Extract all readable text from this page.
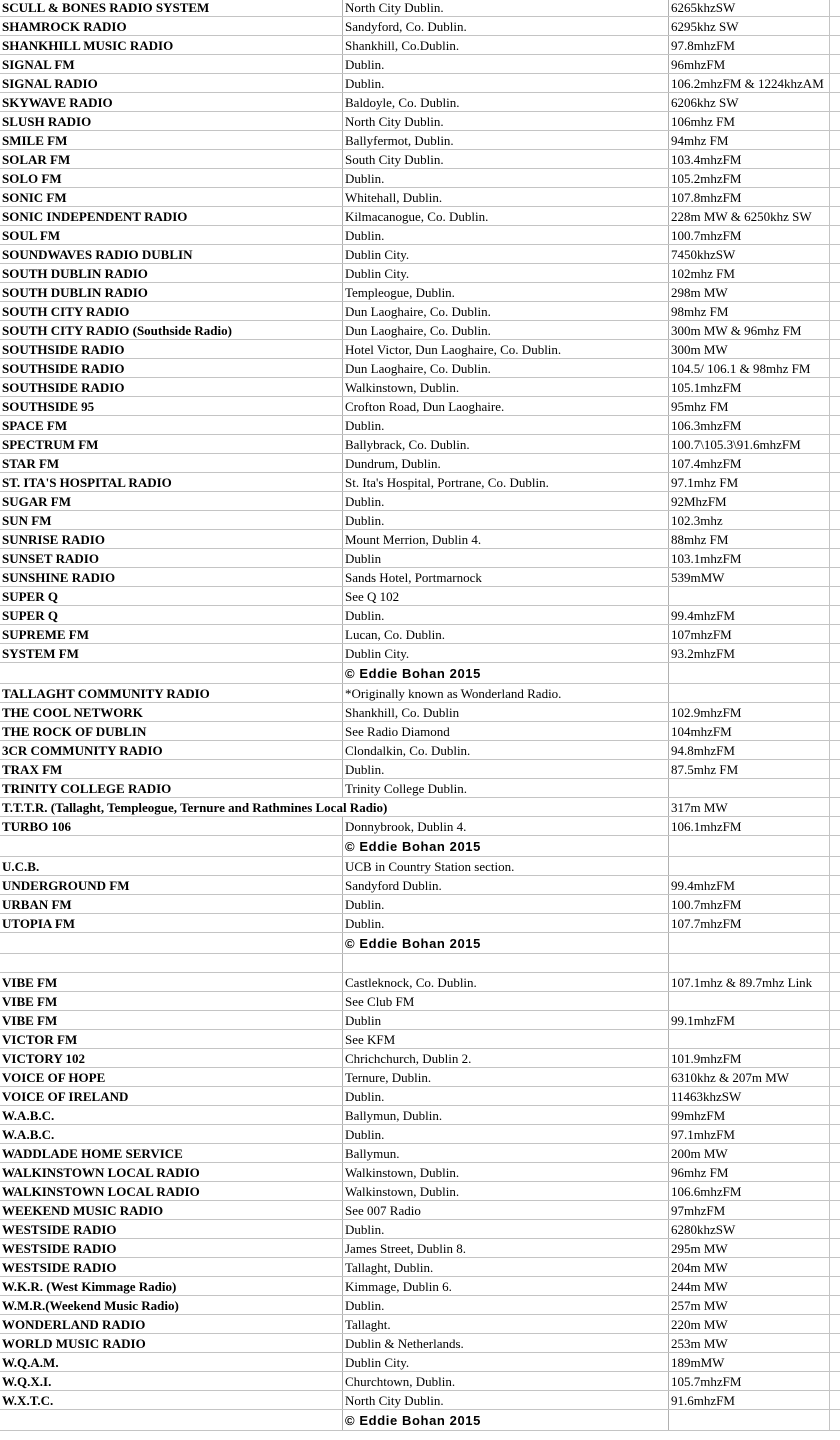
SCULL & BONES RADIO SYSTEM	North City Dublin.	6265khzSW
SHAMROCK RADIO	Sandyford, Co. Dublin.	6295khz SW
SHANKHILL MUSIC RADIO	Shankhill, Co.Dublin.	97.8mhzFM
SIGNAL FM	Dublin.	96mhzFM
SIGNAL RADIO	Dublin.	106.2mhzFM & 1224khzAM
SKYWAVE RADIO	Baldoyle, Co. Dublin.	6206khz SW
SLUSH RADIO	North City Dublin.	106mhz FM
SMILE FM	Ballyfermot, Dublin.	94mhz FM
SOLAR FM	South City Dublin.	103.4mhzFM
SOLO FM	Dublin.	105.2mhzFM
SONIC FM	Whitehall, Dublin.	107.8mhzFM
SONIC INDEPENDENT RADIO	Kilmacanogue, Co. Dublin.	228m MW & 6250khz SW
SOUL FM	Dublin.	100.7mhzFM
SOUNDWAVES RADIO DUBLIN	Dublin City.	7450khzSW
SOUTH DUBLIN RADIO	Dublin City.	102mhz FM
SOUTH DUBLIN RADIO	Templeogue, Dublin.	298m MW
SOUTH CITY RADIO	Dun Laoghaire, Co. Dublin.	98mhz FM
SOUTH CITY RADIO (Southside Radio)	Dun Laoghaire, Co. Dublin.	300m MW & 96mhz FM
SOUTHSIDE RADIO	Hotel Victor, Dun Laoghaire, Co. Dublin.	300m MW
SOUTHSIDE RADIO	Dun Laoghaire, Co. Dublin.	104.5/ 106.1 & 98mhz FM
SOUTHSIDE RADIO	Walkinstown, Dublin.	105.1mhzFM
SOUTHSIDE 95	Crofton Road, Dun Laoghaire.	95mhz FM
SPACE FM	Dublin.	106.3mhzFM
SPECTRUM FM	Ballybrack, Co. Dublin.	100.7\105.3\91.6mhzFM
STAR FM	Dundrum, Dublin.	107.4mhzFM
ST. ITA'S HOSPITAL RADIO	St. Ita's Hospital, Portrane, Co. Dublin.	97.1mhz FM
SUGAR FM	Dublin.	92MhzFM
SUN FM	Dublin.	102.3mhz
SUNRISE RADIO	Mount Merrion, Dublin 4.	88mhz FM
SUNSET RADIO	Dublin	103.1mhzFM
SUNSHINE RADIO	Sands Hotel, Portmarnock	539mMW
SUPER Q	See Q 102
SUPER Q	Dublin.	99.4mhzFM
SUPREME FM	Lucan, Co. Dublin.	107mhzFM
SYSTEM FM	Dublin City.	93.2mhzFM
© Eddie Bohan 2015
TALLAGHT COMMUNITY RADIO	*Originally known as Wonderland Radio.
THE COOL NETWORK	Shankhill, Co. Dublin	102.9mhzFM
THE ROCK OF DUBLIN	See Radio Diamond	104mhzFM
3CR COMMUNITY RADIO	Clondalkin, Co. Dublin.	94.8mhzFM
TRAX FM	Dublin.	87.5mhz FM
TRINITY COLLEGE RADIO	Trinity College Dublin.
T.T.T.R. (Tallaght, Templeogue, Ternure and Rathmines Local Radio)	317m MW
TURBO 106	Donnybrook, Dublin 4.	106.1mhzFM
© Eddie Bohan 2015
U.C.B.	UCB in Country Station section.
UNDERGROUND FM	Sandyford Dublin.	99.4mhzFM
URBAN FM	Dublin.	100.7mhzFM
UTOPIA FM	Dublin.	107.7mhzFM
© Eddie Bohan 2015
VIBE FM	Castleknock, Co. Dublin.	107.1mhz & 89.7mhz Link
VIBE FM	See Club FM
VIBE FM	Dublin	99.1mhzFM
VICTOR FM	See KFM
VICTORY 102	Chrichchurch, Dublin 2.	101.9mhzFM
VOICE OF HOPE	Ternure, Dublin.	6310khz & 207m MW
VOICE OF IRELAND	Dublin.	11463khzSW
W.A.B.C.	Ballymun, Dublin.	99mhzFM
W.A.B.C.	Dublin.	97.1mhzFM
WADDLADE HOME SERVICE	Ballymun.	200m MW
WALKINSTOWN LOCAL RADIO	Walkinstown, Dublin.	96mhz FM
WALKINSTOWN LOCAL RADIO	Walkinstown, Dublin.	106.6mhzFM
WEEKEND MUSIC RADIO	See 007 Radio	97mhzFM
WESTSIDE RADIO	Dublin.	6280khzSW
WESTSIDE RADIO	James Street, Dublin 8.	295m MW
WESTSIDE RADIO	Tallaght, Dublin.	204m MW
W.K.R. (West Kimmage Radio)	Kimmage, Dublin 6.	244m MW
W.M.R.(Weekend Music Radio)	Dublin.	257m MW
WONDERLAND RADIO	Tallaght.	220m MW
WORLD MUSIC RADIO	Dublin & Netherlands.	253m MW
W.Q.A.M.	Dublin City.	189mMW
W.Q.X.I.	Churchtown, Dublin.	105.7mhzFM
W.X.T.C.	North City Dublin.	91.6mhzFM
© Eddie Bohan 2015
